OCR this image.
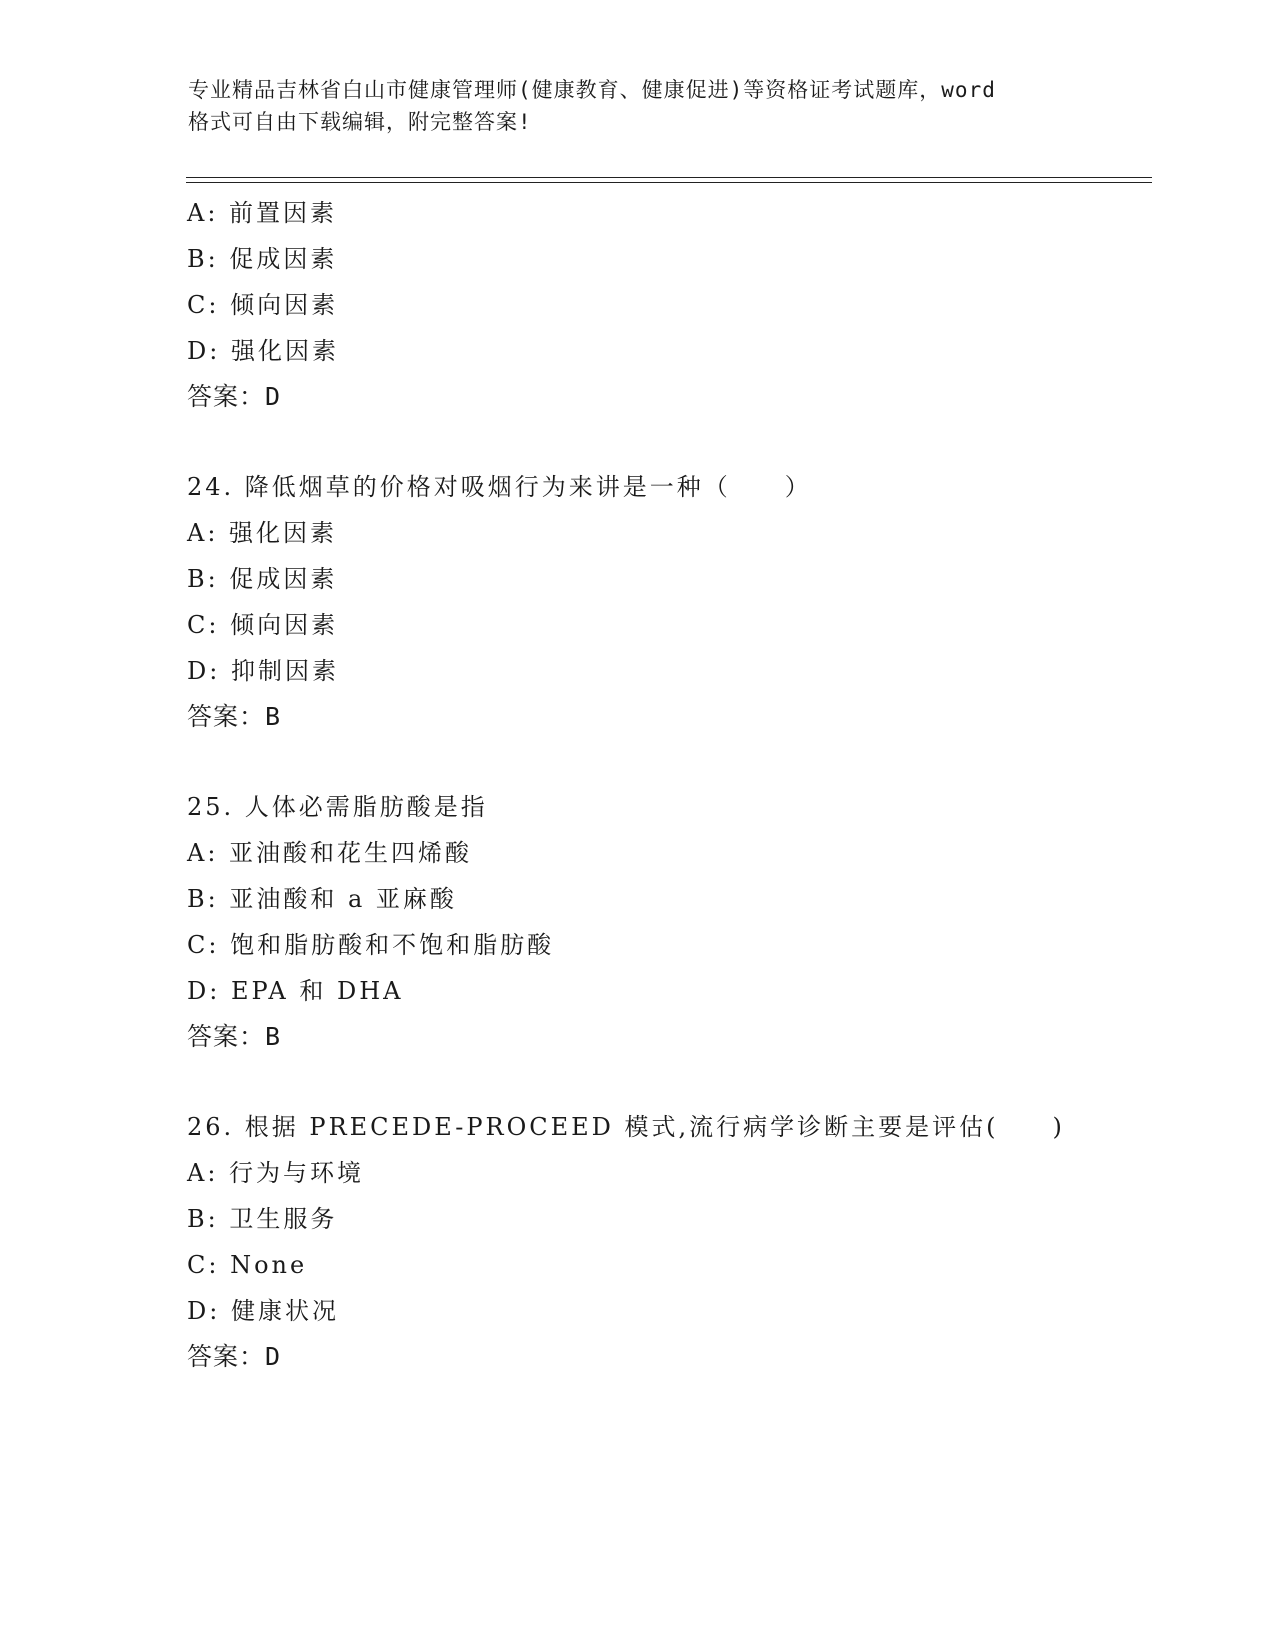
专业精品吉林省白山市健康管理师(健康教育、健康促进)等资格证考试题库，word
格式可自由下载编辑，附完整答案!
A: 前置因素
B: 促成因素
C: 倾向因素
D: 强化因素
答案：D
24. 降低烟草的价格对吸烟行为来讲是一种（　　）
A: 强化因素
B: 促成因素
C: 倾向因素
D: 抑制因素
答案：B
25. 人体必需脂肪酸是指
A: 亚油酸和花生四烯酸
B: 亚油酸和 a 亚麻酸
C: 饱和脂肪酸和不饱和脂肪酸
D: EPA 和 DHA
答案：B
26. 根据 PRECEDE-PROCEED 模式,流行病学诊断主要是评估(　　)
A: 行为与环境
B: 卫生服务
C: None
D: 健康状况
答案：D
